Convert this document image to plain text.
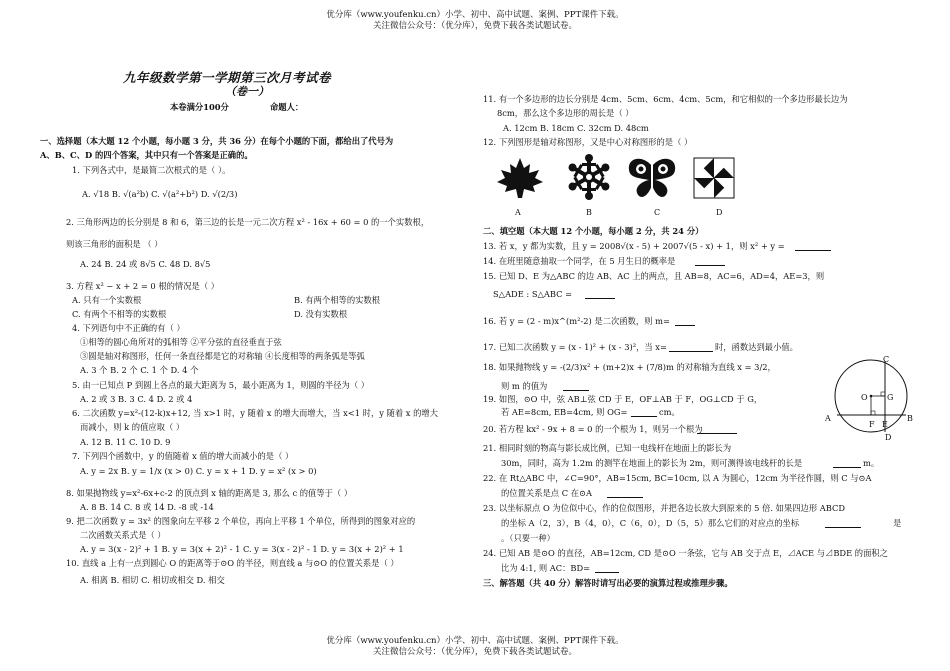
优分库（www.youfenku.cn）小学、初中、高中试题、案例、PPT课件下载。
关注微信公众号：（优分库），免费下载各类试题试卷。
九年级数学第一学期第三次月考试卷
（卷一）
本卷满分100分	命题人：
一、选择题（本大题 12 个小题，每小题 3 分，共 36 分）在每个小题的下面，都给出了代号为
A、B、C、D 的四个答案，其中只有一个答案是正确的。
1. 下列各式中，是最简二次根式的是（ ）。
A. √18 B. √(a²b) C. √(a²+b²) D. √(2/3)
2. 三角形两边的长分别是 8 和 6，第三边的长是一元二次方程 x² - 16x + 60 = 0 的一个实数根，
则该三角形的面积是 （ ）
A. 24 B. 24 或 8√5 C. 48 D. 8√5
3. 方程 x² − x + 2 = 0 根的情况是（ ）
A. 只有一个实数根	B. 有两个相等的实数根
C. 有两个不相等的实数根	D. 没有实数根
4. 下列语句中不正确的有（ ）
①相等的圆心角所对的弧相等 ②平分弦的直径垂直于弦
③圆是轴对称图形，任何一条直径都是它的对称轴 ④长度相等的两条弧是等弧
A. 3 个 B. 2 个 C. 1 个 D. 4 个
5. 由一已知点 P 到圆上各点的最大距离为 5，最小距离为 1，则圆的半径为（ ）
A. 2 或 3 B. 3 C. 4 D. 2 或 4
6. 二次函数 y=x²-(12-k)x+12, 当 x>1 时，y 随着 x 的增大而增大，当 x<1 时，y 随着 x 的增大
而减小，则 k 的值应取（ ）
A. 12 B. 11 C. 10 D. 9
7. 下列四个函数中，y 的值随着 x 值的增大而减小的是（ ）
A. y = 2x B. y = 1/x (x > 0) C. y = x + 1 D. y = x² (x > 0)
8. 如果抛物线 y=x²-6x+c-2 的顶点到 x 轴的距离是 3, 那么 c 的值等于（ ）
A. 8 B. 14 C. 8 或 14 D. -8 或 -14
9. 把二次函数 y = 3x² 的图象向左平移 2 个单位，再向上平移 1 个单位，所得到的图象对应的
二次函数关系式是（ ）
A. y = 3(x - 2)² + 1 B. y = 3(x + 2)² - 1 C. y = 3(x - 2)² - 1 D. y = 3(x + 2)² + 1
10. 直线 a 上有一点到圆心 O 的距离等于⊙O 的半径，则直线 a 与⊙O 的位置关系是（ ）
A. 相离 B. 相切 C. 相切或相交 D. 相交
11. 有一个多边形的边长分别是 4cm、5cm、6cm、4cm、5cm，和它相似的一个多边形最长边为
8cm，那么这个多边形的周长是（ ）
A. 12cm B. 18cm C. 32cm D. 48cm
12. 下列图形是轴对称图形，又是中心对称图形的是（ ）
A	B	C	D
二、填空题（本大题 12 个小题，每小题 2 分，共 24 分）
13. 若 x，y 都为实数，且 y = 2008√(x - 5) + 2007√(5 - x) + 1，则 x² + y =
14. 在班里随意抽取一个同学，在 5 月生日的概率是
15. 已知 D、E 为△ABC 的边 AB、AC 上的两点，且 AB=8，AC=6，AD=4，AE=3，则
S△ADE : S△ABC =
16. 若 y = (2 - m)x^(m²-2) 是二次函数，则 m=
17. 已知二次函数 y = (x - 1)² + (x - 3)²，当 x=	时，函数达到最小值。
18. 如果抛物线 y = -(2/3)x² + (m+2)x + (7/8)m 的对称轴为直线 x = 3/2，
则 m 的值为
19. 如图，⊙O 中，弦 AB⊥弦 CD 于 E，OF⊥AB 于 F，OG⊥CD 于 G，
若 AE=8cm, EB=4cm, 则 OG=	cm。
20. 若方程 kx² - 9x + 8 = 0 的一个根为 1，则另一个根为
21. 相同时刻的物高与影长成比例，已知一电线杆在地面上的影长为
30m，同时，高为 1.2m 的测竿在地面上的影长为 2m，则可测得该电线杆的长是	m。
22. 在 Rt△ABC 中，∠C=90°，AB=15cm, BC=10cm, 以 A 为圆心，12cm 为半径作圆，则 C 与⊙A
的位置关系是点 C 在⊙A
23. 以坐标原点 O 为位似中心，作的位似图形，并把各边长放大到原来的 5 倍. 如果四边形 ABCD
的坐标 A（2，3），B（4，0），C（6，0），D（5，5）那么它们的对应点的坐标	是
。（只要一种）
24. 已知 AB 是⊙O 的直径，AB=12cm, CD 是⊙O 一条弦，它与 AB 交于点 E，⊿ACE 与⊿BDE 的面积之
比为 4:1, 则 AC：BD=
三、解答题（共 40 分）解答时请写出必要的演算过程或推理步骤。
C
O G
A
F E
B
D
优分库（www.youfenku.cn）小学、初中、高中试题、案例、PPT课件下载。
关注微信公众号：（优分库），免费下载各类试题试卷。
